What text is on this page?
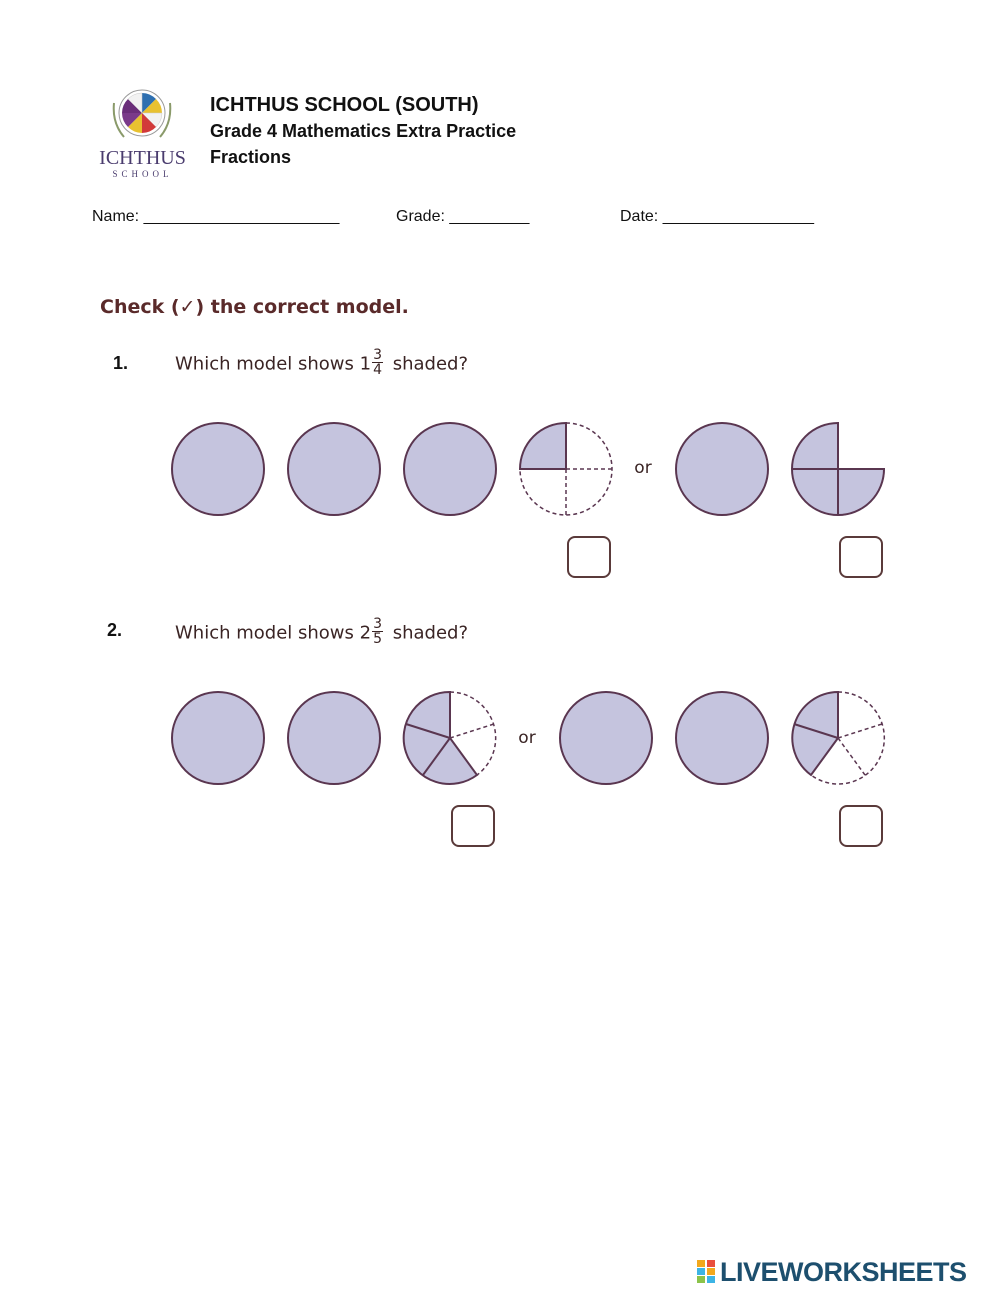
ICHTHUS
SCHOOL
ICHTHUS SCHOOL (SOUTH)
Grade 4 Mathematics Extra Practice
Fractions
Name: ______________________	Grade: _________	Date: _________________
Check (✓) the correct model.
1.	Which model shows $1 \frac{3}{4}$ shaded?
2.	Which model shows $2 \frac{3}{5}$ shaded?
or
or
LIVEWORKSHEETS
